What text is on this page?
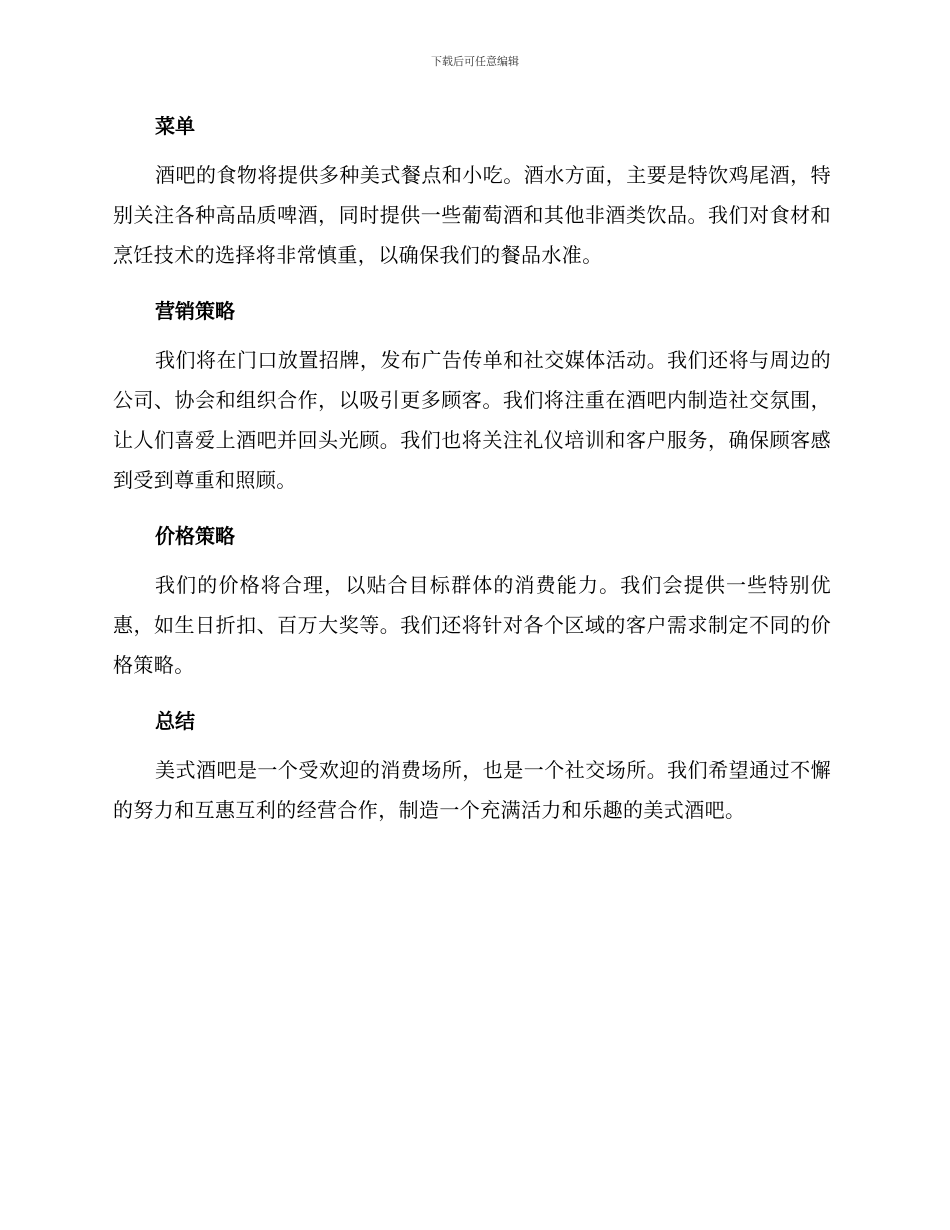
下载后可任意编辑
菜单

酒吧的食物将提供多种美式餐点和小吃。酒水方面，主要是特饮鸡尾酒，特别关注各种高品质啤酒，同时提供一些葡萄酒和其他非酒类饮品。我们对食材和烹饪技术的选择将非常慎重，以确保我们的餐品水准。

营销策略

我们将在门口放置招牌，发布广告传单和社交媒体活动。我们还将与周边的公司、协会和组织合作，以吸引更多顾客。我们将注重在酒吧内制造社交氛围，让人们喜爱上酒吧并回头光顾。我们也将关注礼仪培训和客户服务，确保顾客感到受到尊重和照顾。

价格策略

我们的价格将合理，以贴合目标群体的消费能力。我们会提供一些特别优惠，如生日折扣、百万大奖等。我们还将针对各个区域的客户需求制定不同的价格策略。

总结

美式酒吧是一个受欢迎的消费场所，也是一个社交场所。我们希望通过不懈的努力和互惠互利的经营合作，制造一个充满活力和乐趣的美式酒吧。
